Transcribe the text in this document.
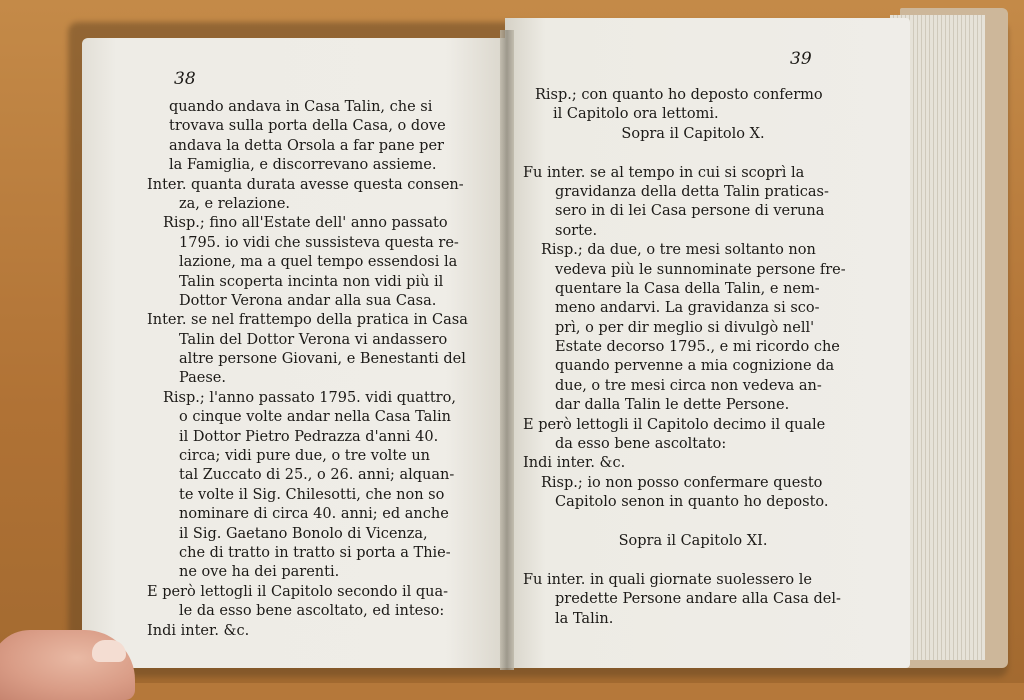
38
quando andava in Casa Talin, che si
trovava sulla porta della Casa, o dove
andava la detta Orsola a far pane per
la Famiglia, e discorrevano assieme.
Inter. quanta durata avesse questa consen-
za, e relazione.
Risp.; fino all'Estate dell' anno passato
1795. io vidi che sussisteva questa re-
lazione, ma a quel tempo essendosi la
Talin scoperta incinta non vidi più il
Dottor Verona andar alla sua Casa.
Inter. se nel frattempo della pratica in Casa
Talin del Dottor Verona vi andassero
altre persone Giovani, e Benestanti del
Paese.
Risp.; l'anno passato 1795. vidi quattro,
o cinque volte andar nella Casa Talin
il Dottor Pietro Pedrazza d'anni 40.
circa; vidi pure due, o tre volte un
tal Zuccato di 25., o 26. anni; alquan-
te volte il Sig. Chilesotti, che non so
nominare di circa 40. anni; ed anche
il Sig. Gaetano Bonolo di Vicenza,
che di tratto in tratto si porta a Thie-
ne ove ha dei parenti.
E però lettogli il Capitolo secondo il qua-
le da esso bene ascoltato, ed inteso:
Indi inter. &c.
39
Risp.; con quanto ho deposto confermo
il Capitolo ora lettomi.
Sopra il Capitolo X.
Fu inter. se al tempo in cui si scoprì la
gravidanza della detta Talin praticas-
sero in di lei Casa persone di veruna
sorte.
Risp.; da due, o tre mesi soltanto non
vedeva più le sunnominate persone fre-
quentare la Casa della Talin, e nem-
meno andarvi. La gravidanza si sco-
prì, o per dir meglio si divulgò nell'
Estate decorso 1795., e mi ricordo che
quando pervenne a mia cognizione da
due, o tre mesi circa non vedeva an-
dar dalla Talin le dette Persone.
E però lettogli il Capitolo decimo il quale
da esso bene ascoltato:
Indi inter. &c.
Risp.; io non posso confermare questo
Capitolo senon in quanto ho deposto.
Sopra il Capitolo XI.
Fu inter. in quali giornate suolessero le
predette Persone andare alla Casa del-
la Talin.
